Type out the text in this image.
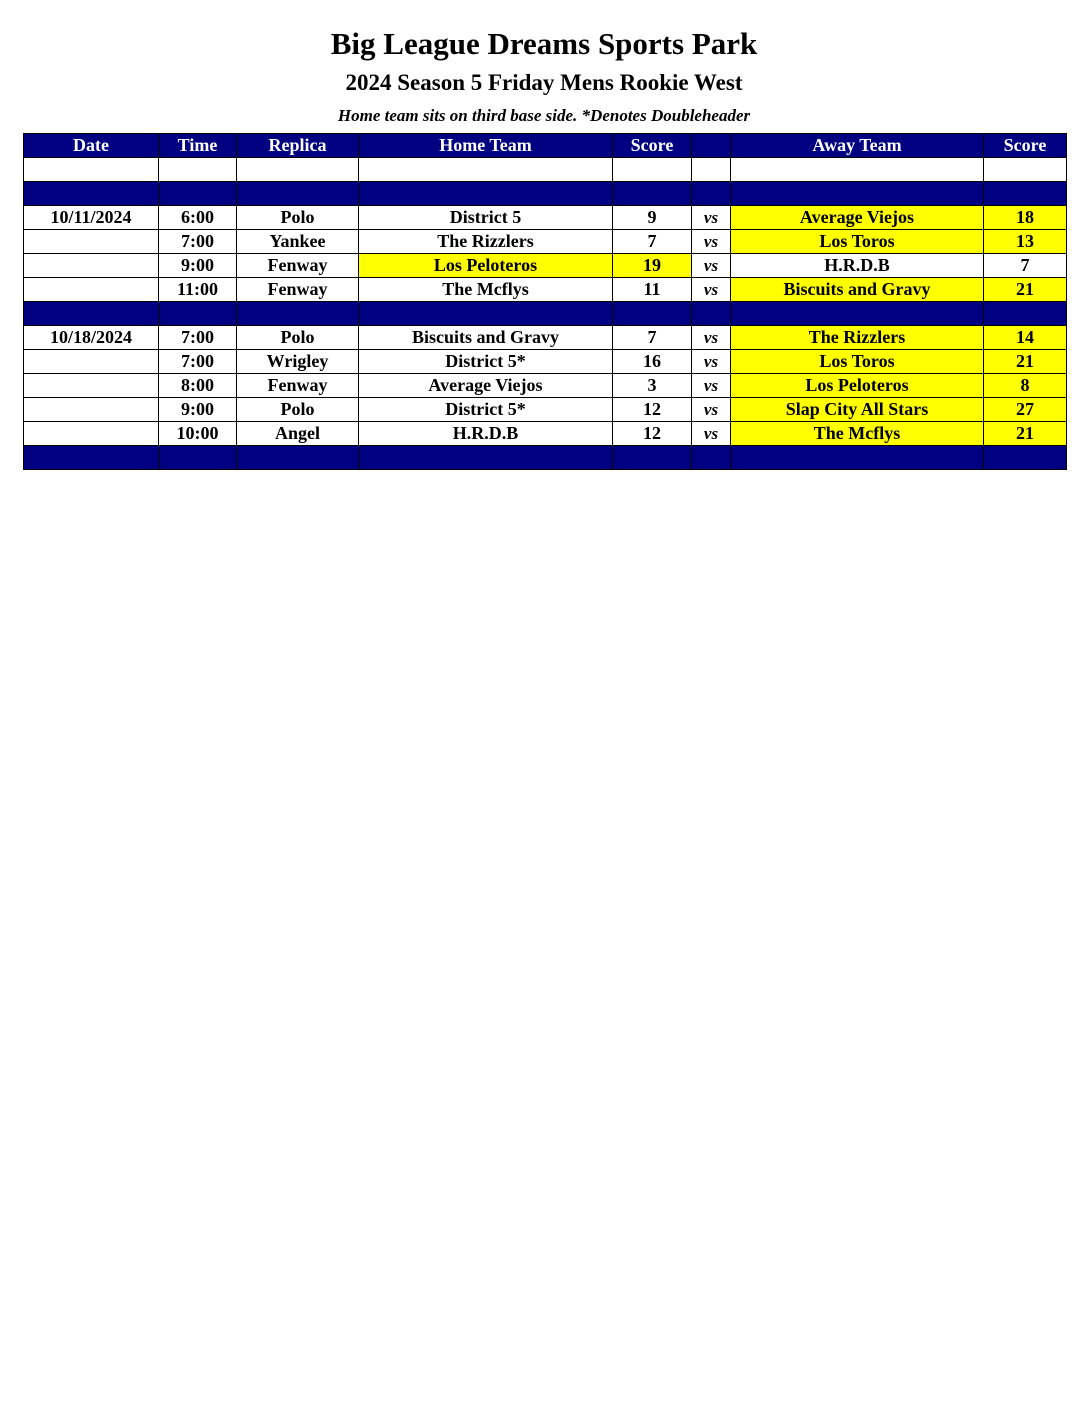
Big League Dreams Sports Park
2024 Season 5 Friday Mens Rookie West
Home team sits on third base side. *Denotes Doubleheader
Date	Time	Replica	Home Team	Score		Away Team	Score

10/11/2024	6:00	Polo	District 5	9	vs	Average Viejos	18
	7:00	Yankee	The Rizzlers	7	vs	Los Toros	13
	9:00	Fenway	Los Peloteros	19	vs	H.R.D.B	7
	11:00	Fenway	The Mcflys	11	vs	Biscuits and Gravy	21

10/18/2024	7:00	Polo	Biscuits and Gravy	7	vs	The Rizzlers	14
	7:00	Wrigley	District 5*	16	vs	Los Toros	21
	8:00	Fenway	Average Viejos	3	vs	Los Peloteros	8
	9:00	Polo	District 5*	12	vs	Slap City All Stars	27
	10:00	Angel	H.R.D.B	12	vs	The Mcflys	21
